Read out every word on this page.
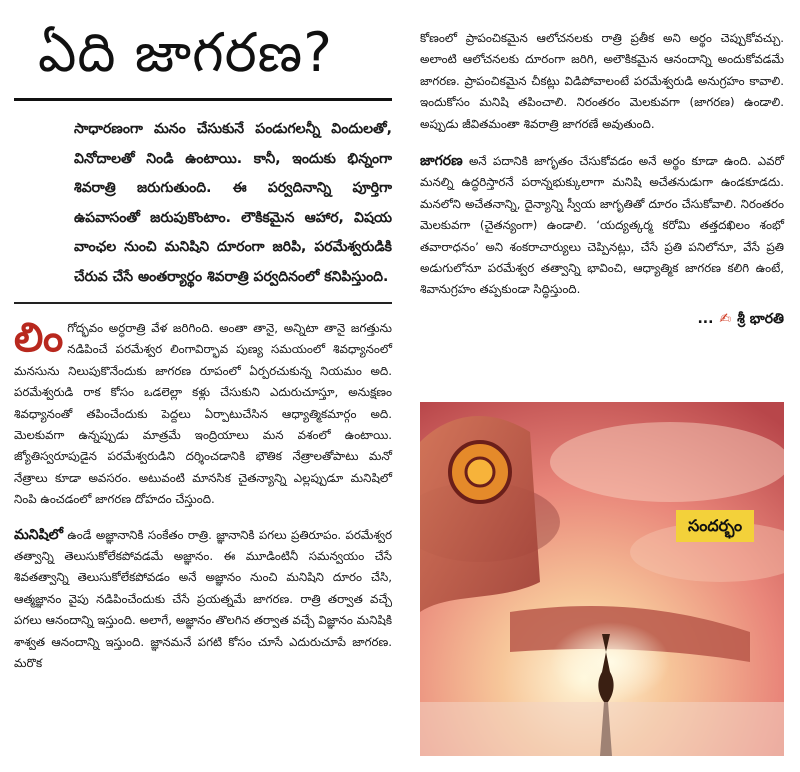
ఏది జాగరణ?
సాధారణంగా మనం చేసుకునే పండుగలన్నీ విందులతో, వినోదాలతో నిండి ఉంటాయి. కానీ, ఇందుకు భిన్నంగా శివరాత్రి జరుగుతుంది. ఈ పర్వదినాన్ని పూర్తిగా ఉపవాసంతో జరుపుకొంటాం. లౌకికమైన ఆహార, విషయ వాంఛల నుంచి మనిషిని దూరంగా జరిపి, పరమేశ్వరుడికి చేరువ చేసే అంతర్యార్థం శివరాత్రి పర్వదినంలో కనిపిస్తుంది.

లింగోద్భవం అర్ధరాత్రి వేళ జరిగింది. అంతా తానై, అన్నిటా తానై జగత్తును నడిపించే పరమేశ్వర లింగావిర్భావ పుణ్య సమయంలో శివధ్యానంలో మనసును నిలుపుకొనేందుకు జాగరణ రూపంలో ఏర్పరచుకున్న నియమం అది. పరమేశ్వరుడి రాక కోసం ఒడలెల్లా కళ్లు చేసుకుని ఎదురుచూస్తూ, అనుక్షణం శివధ్యానంతో తపించేందుకు పెద్దలు ఏర్పాటుచేసిన ఆధ్యాత్మికమార్గం అది. మెలకువగా ఉన్నప్పుడు మాత్రమే ఇంద్రియాలు మన వశంలో ఉంటాయి. జ్యోతిస్వరూపుడైన పరమేశ్వరుడిని దర్శించడానికి భౌతిక నేత్రాలతోపాటు మనో నేత్రాలు కూడా అవసరం. అటువంటి మానసిక చైతన్యాన్ని ఎల్లప్పుడూ మనిషిలో నింపి ఉంచడంలో జాగరణ దోహదం చేస్తుంది.

మనిషిలో ఉండే అజ్ఞానానికి సంకేతం రాత్రి. జ్ఞానానికి పగలు ప్రతిరూపం. పరమేశ్వర తత్వాన్ని తెలుసుకోలేకపోవడమే అజ్ఞానం. ఈ మూడింటినీ సమన్వయం చేసే శివతత్వాన్ని తెలుసుకోలేకపోవడం అనే అజ్ఞానం నుంచి మనిషిని దూరం చేసి, ఆత్మజ్ఞానం వైపు నడిపించేందుకు చేసే ప్రయత్నమే జాగరణ. రాత్రి తర్వాత వచ్చే పగలు ఆనందాన్ని ఇస్తుంది. అలాగే, అజ్ఞానం తొలగిన తర్వాత వచ్చే విజ్ఞానం మనిషికి శాశ్వత ఆనందాన్ని ఇస్తుంది. జ్ఞానమనే పగటి కోసం చూసే ఎదురుచూపే జాగరణ. మరొక

కోణంలో ప్రాపంచికమైన ఆలోచనలకు రాత్రి ప్రతీక అని అర్థం చెప్పుకోవచ్చు. అలాంటి ఆలోచనలకు దూరంగా జరిగి, అలౌకికమైన ఆనందాన్ని అందుకోవడమే జాగరణ. ప్రాపంచికమైన చీకట్లు విడిపోవాలంటే పరమేశ్వరుడి అనుగ్రహం కావాలి. ఇందుకోసం మనిషి తపించాలి. నిరంతరం మెలకువగా (జాగరణ) ఉండాలి. అప్పుడు జీవితమంతా శివరాత్రి జాగరణే అవుతుంది.

జాగరణ అనే పదానికి జాగృతం చేసుకోవడం అనే అర్థం కూడా ఉంది. ఎవరో మనల్ని ఉద్ధరిస్తారనే పరాన్నభుక్కులాగా మనిషి అచేతనుడుగా ఉండకూడదు. మనలోని అచేతనాన్ని, దైన్యాన్ని స్వీయ జాగృతితో దూరం చేసుకోవాలి. నిరంతరం మెలకువగా (చైతన్యంగా) ఉండాలి. ‘యద్యత్కర్మ కరోమి తత్తదఖిలం శంభో తవారాధనం’ అని శంకరాచార్యులు చెప్పినట్లు, చేసే ప్రతి పనిలోనూ, వేసే ప్రతి అడుగులోనూ పరమేశ్వర తత్వాన్ని భావించి, ఆధ్యాత్మిక జాగరణ కలిగి ఉంటే, శివానుగ్రహం తప్పకుండా సిద్ధిస్తుంది.

... ✍ శ్రీ భారతి
సందర్భం
